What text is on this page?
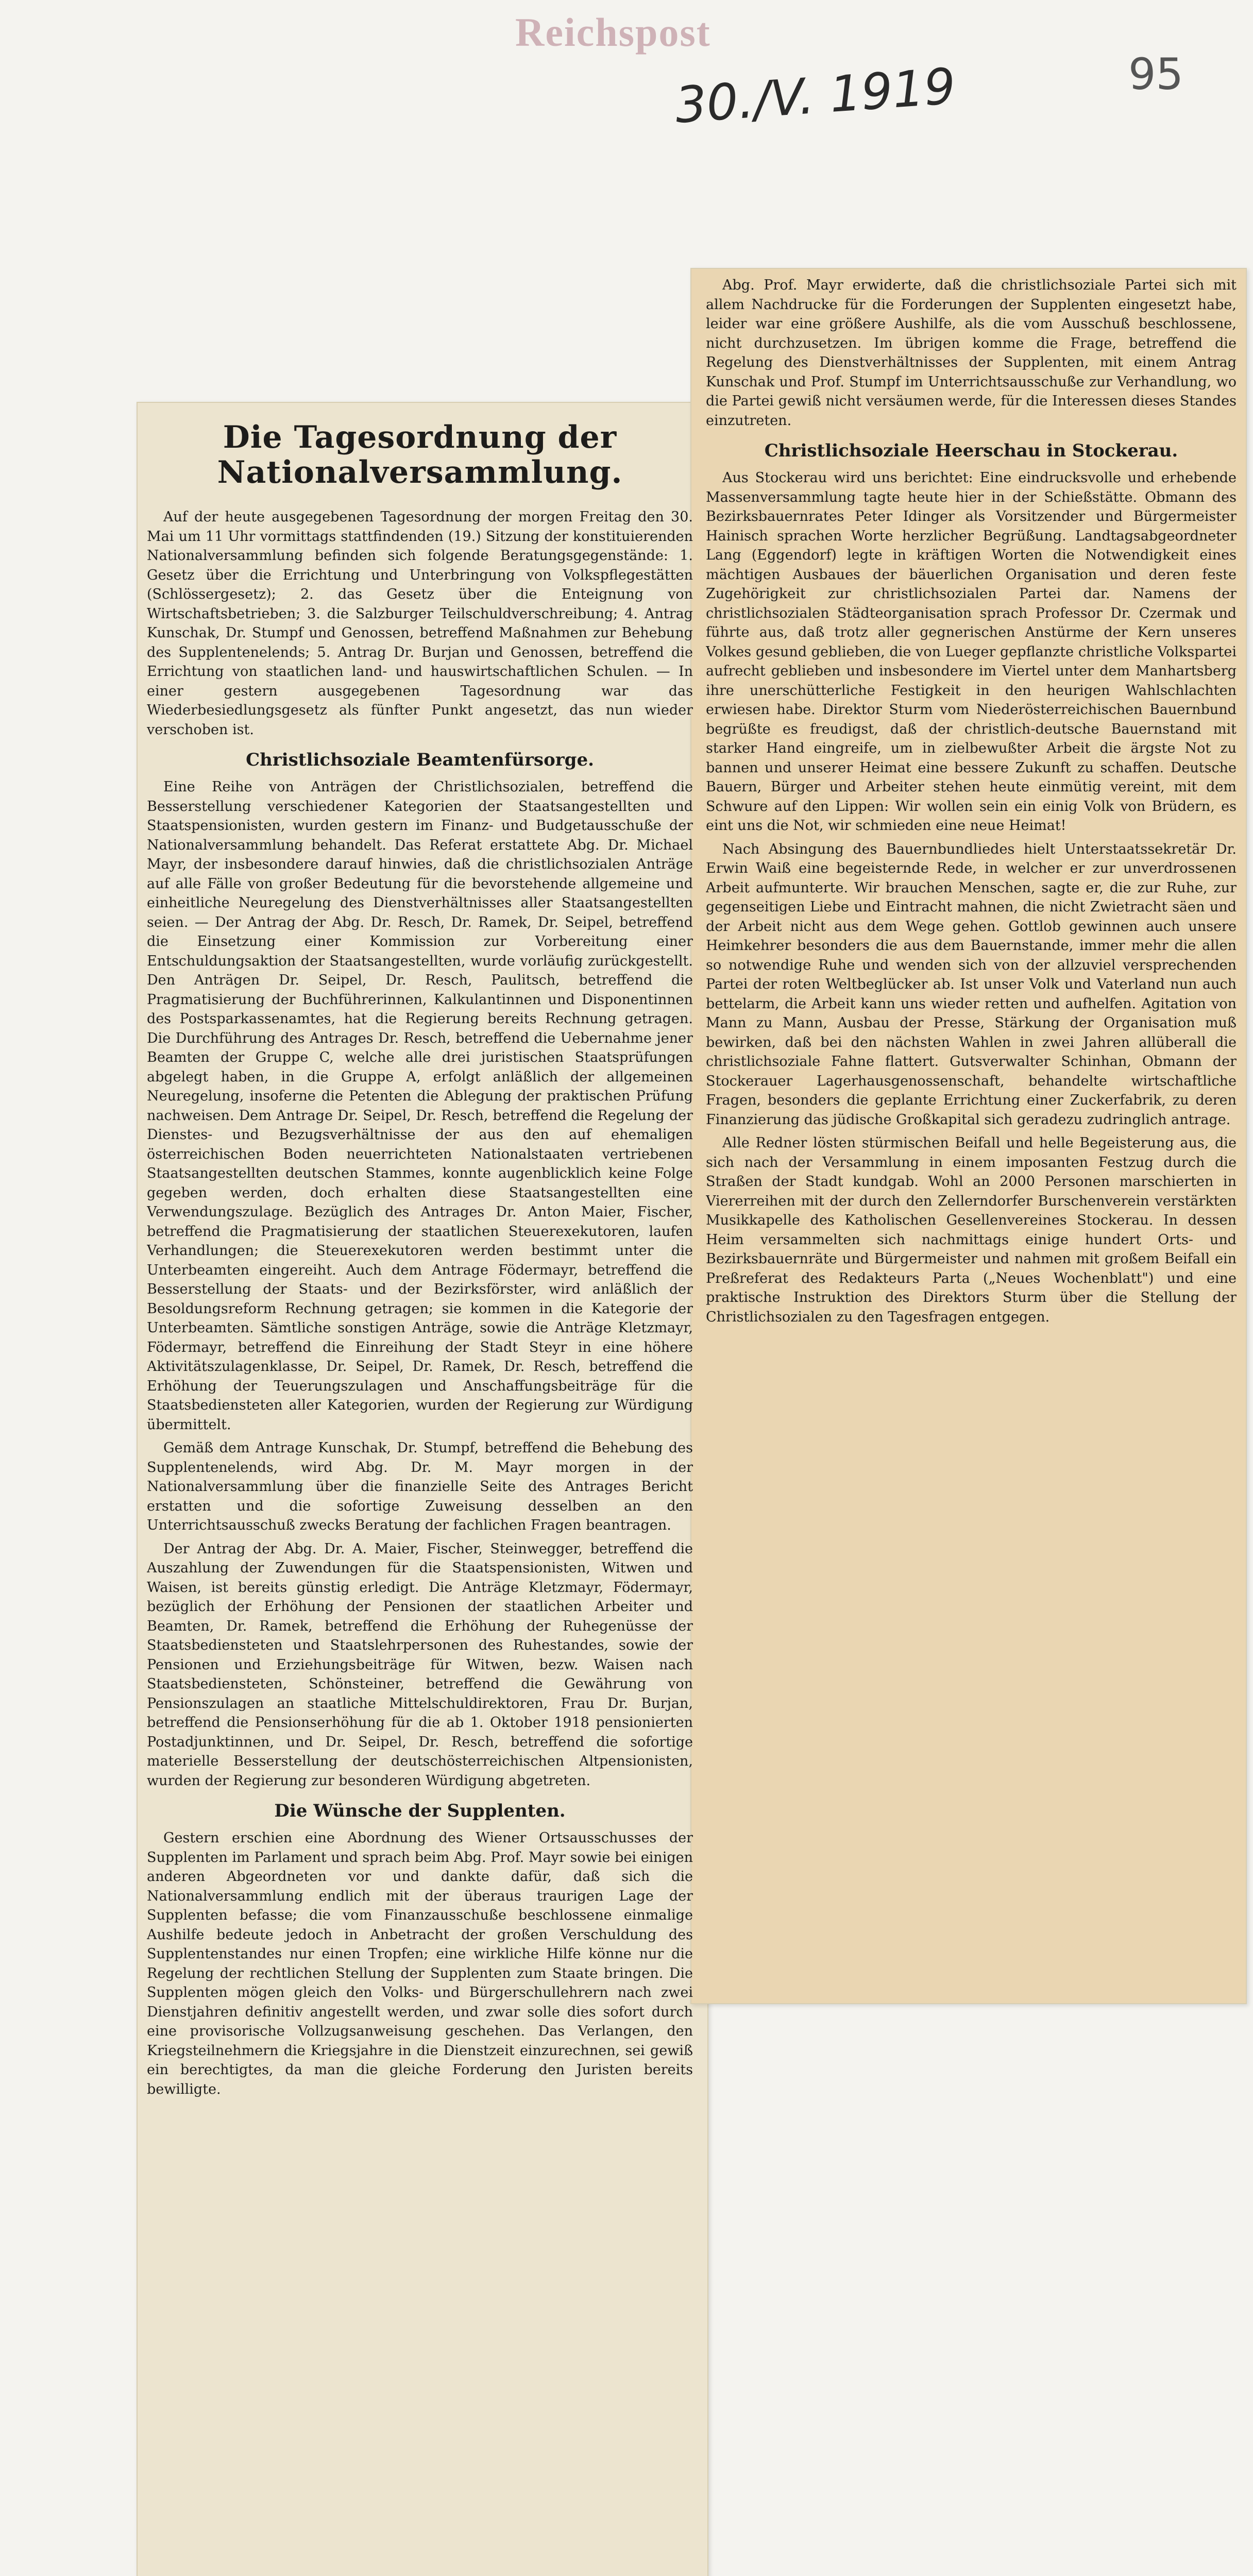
Reichspost
30./V. 1919	95
Die Tagesordnung der Nationalversammlung.

Auf der heute ausgegebenen Tagesordnung der morgen Freitag den 30. Mai um 11 Uhr vormittags stattfindenden (19.) Sitzung der konstituierenden Nationalversammlung befinden sich folgende Beratungsgegenstände: 1. Gesetz über die Errichtung und Unterbringung von Volkspflegestätten (Schlössergesetz); 2. das Gesetz über die Enteignung von Wirtschaftsbetrieben; 3. die Salzburger Teilschuldverschreibung; 4. Antrag Kunschak, Dr. Stumpf und Genossen, betreffend Maßnahmen zur Behebung des Supplentenelends; 5. Antrag Dr. Burjan und Genossen, betreffend die Errichtung von staatlichen land- und hauswirtschaftlichen Schulen. — In einer gestern ausgegebenen Tagesordnung war das Wiederbesiedlungsgesetz als fünfter Punkt angesetzt, das nun wieder verschoben ist.

Christlichsoziale Beamtenfürsorge.

Eine Reihe von Anträgen der Christlichsozialen, betreffend die Besserstellung verschiedener Kategorien der Staatsangestellten und Staatspensionisten, wurden gestern im Finanz- und Budgetausschuße der Nationalversammlung behandelt. Das Referat erstattete Abg. Dr. Michael Mayr, der insbesondere darauf hinwies, daß die christlichsozialen Anträge auf alle Fälle von großer Bedeutung für die bevorstehende allgemeine und einheitliche Neuregelung des Dienstverhältnisses aller Staatsangestellten seien. — Der Antrag der Abg. Dr. Resch, Dr. Ramek, Dr. Seipel, betreffend die Einsetzung einer Kommission zur Vorbereitung einer Entschuldungsaktion der Staatsangestellten, wurde vorläufig zurückgestellt. Den Anträgen Dr. Seipel, Dr. Resch, Paulitsch, betreffend die Pragmatisierung der Buchführerinnen, Kalkulantinnen und Disponentinnen des Postsparkassenamtes, hat die Regierung bereits Rechnung getragen. Die Durchführung des Antrages Dr. Resch, betreffend die Uebernahme jener Beamten der Gruppe C, welche alle drei juristischen Staatsprüfungen abgelegt haben, in die Gruppe A, erfolgt anläßlich der allgemeinen Neuregelung, insoferne die Petenten die Ablegung der praktischen Prüfung nachweisen. Dem Antrage Dr. Seipel, Dr. Resch, betreffend die Regelung der Dienstes- und Bezugsverhältnisse der aus den auf ehemaligen österreichischen Boden neuerrichteten Nationalstaaten vertriebenen Staatsangestellten deutschen Stammes, konnte augenblicklich keine Folge gegeben werden, doch erhalten diese Staatsangestellten eine Verwendungszulage. Bezüglich des Antrages Dr. Anton Maier, Fischer, betreffend die Pragmatisierung der staatlichen Steuerexekutoren, laufen Verhandlungen; die Steuerexekutoren werden bestimmt unter die Unterbeamten eingereiht. Auch dem Antrage Födermayr, betreffend die Besserstellung der Staats- und der Bezirksförster, wird anläßlich der Besoldungsreform Rechnung getragen; sie kommen in die Kategorie der Unterbeamten. Sämtliche sonstigen Anträge, sowie die Anträge Kletzmayr, Födermayr, betreffend die Einreihung der Stadt Steyr in eine höhere Aktivitätszulagenklasse, Dr. Seipel, Dr. Ramek, Dr. Resch, betreffend die Erhöhung der Teuerungszulagen und Anschaffungsbeiträge für die Staatsbediensteten aller Kategorien, wurden der Regierung zur Würdigung übermittelt.

Gemäß dem Antrage Kunschak, Dr. Stumpf, betreffend die Behebung des Supplentenelends, wird Abg. Dr. M. Mayr morgen in der Nationalversammlung über die finanzielle Seite des Antrages Bericht erstatten und die sofortige Zuweisung desselben an den Unterrichtsausschuß zwecks Beratung der fachlichen Fragen beantragen.

Der Antrag der Abg. Dr. A. Maier, Fischer, Steinwegger, betreffend die Auszahlung der Zuwendungen für die Staatspensionisten, Witwen und Waisen, ist bereits günstig erledigt. Die Anträge Kletzmayr, Födermayr, bezüglich der Erhöhung der Pensionen der staatlichen Arbeiter und Beamten, Dr. Ramek, betreffend die Erhöhung der Ruhegenüsse der Staatsbediensteten und Staatslehrpersonen des Ruhestandes, sowie der Pensionen und Erziehungsbeiträge für Witwen, bezw. Waisen nach Staatsbediensteten, Schönsteiner, betreffend die Gewährung von Pensionszulagen an staatliche Mittelschuldirektoren, Frau Dr. Burjan, betreffend die Pensionserhöhung für die ab 1. Oktober 1918 pensionierten Postadjunktinnen, und Dr. Seipel, Dr. Resch, betreffend die sofortige materielle Besserstellung der deutschösterreichischen Altpensionisten, wurden der Regierung zur besonderen Würdigung abgetreten.

Die Wünsche der Supplenten.

Gestern erschien eine Abordnung des Wiener Ortsausschusses der Supplenten im Parlament und sprach beim Abg. Prof. Mayr sowie bei einigen anderen Abgeordneten vor und dankte dafür, daß sich die Nationalversammlung endlich mit der überaus traurigen Lage der Supplenten befasse; die vom Finanzausschuße beschlossene einmalige Aushilfe bedeute jedoch in Anbetracht der großen Verschuldung des Supplentenstandes nur einen Tropfen; eine wirkliche Hilfe könne nur die Regelung der rechtlichen Stellung der Supplenten zum Staate bringen. Die Supplenten mögen gleich den Volks- und Bürgerschullehrern nach zwei Dienstjahren definitiv angestellt werden, und zwar solle dies sofort durch eine provisorische Vollzugsanweisung geschehen. Das Verlangen, den Kriegsteilnehmern die Kriegsjahre in die Dienstzeit einzurechnen, sei gewiß ein berechtigtes, da man die gleiche Forderung den Juristen bereits bewilligte.

Abg. Prof. Mayr erwiderte, daß die christlichsoziale Partei sich mit allem Nachdrucke für die Forderungen der Supplenten eingesetzt habe, leider war eine größere Aushilfe, als die vom Ausschuß beschlossene, nicht durchzusetzen. Im übrigen komme die Frage, betreffend die Regelung des Dienstverhältnisses der Supplenten, mit einem Antrag Kunschak und Prof. Stumpf im Unterrichtsausschuße zur Verhandlung, wo die Partei gewiß nicht versäumen werde, für die Interessen dieses Standes einzutreten.

Christlichsoziale Heerschau in Stockerau.

Aus Stockerau wird uns berichtet: Eine eindrucksvolle und erhebende Massenversammlung tagte heute hier in der Schießstätte. Obmann des Bezirksbauernrates Peter Idinger als Vorsitzender und Bürgermeister Hainisch sprachen Worte herzlicher Begrüßung. Landtagsabgeordneter Lang (Eggendorf) legte in kräftigen Worten die Notwendigkeit eines mächtigen Ausbaues der bäuerlichen Organisation und deren feste Zugehörigkeit zur christlichsozialen Partei dar. Namens der christlichsozialen Städteorganisation sprach Professor Dr. Czermak und führte aus, daß trotz aller gegnerischen Anstürme der Kern unseres Volkes gesund geblieben, die von Lueger gepflanzte christliche Volkspartei aufrecht geblieben und insbesondere im Viertel unter dem Manhartsberg ihre unerschütterliche Festigkeit in den heurigen Wahlschlachten erwiesen habe. Direktor Sturm vom Niederösterreichischen Bauernbund begrüßte es freudigst, daß der christlich-deutsche Bauernstand mit starker Hand eingreife, um in zielbewußter Arbeit die ärgste Not zu bannen und unserer Heimat eine bessere Zukunft zu schaffen. Deutsche Bauern, Bürger und Arbeiter stehen heute einmütig vereint, mit dem Schwure auf den Lippen: Wir wollen sein ein einig Volk von Brüdern, es eint uns die Not, wir schmieden eine neue Heimat!

Nach Absingung des Bauernbundliedes hielt Unterstaatssekretär Dr. Erwin Waiß eine begeisternde Rede, in welcher er zur unverdrossenen Arbeit aufmunterte. Wir brauchen Menschen, sagte er, die zur Ruhe, zur gegenseitigen Liebe und Eintracht mahnen, die nicht Zwietracht säen und der Arbeit nicht aus dem Wege gehen. Gottlob gewinnen auch unsere Heimkehrer besonders die aus dem Bauernstande, immer mehr die allen so notwendige Ruhe und wenden sich von der allzuviel versprechenden Partei der roten Weltbeglücker ab. Ist unser Volk und Vaterland nun auch bettelarm, die Arbeit kann uns wieder retten und aufhelfen. Agitation von Mann zu Mann, Ausbau der Presse, Stärkung der Organisation muß bewirken, daß bei den nächsten Wahlen in zwei Jahren allüberall die christlichsoziale Fahne flattert. Gutsverwalter Schinhan, Obmann der Stockerauer Lagerhausgenossenschaft, behandelte wirtschaftliche Fragen, besonders die geplante Errichtung einer Zuckerfabrik, zu deren Finanzierung das jüdische Großkapital sich geradezu zudringlich antrage.

Alle Redner lösten stürmischen Beifall und helle Begeisterung aus, die sich nach der Versammlung in einem imposanten Festzug durch die Straßen der Stadt kundgab. Wohl an 2000 Personen marschierten in Viererreihen mit der durch den Zellerndorfer Burschenverein verstärkten Musikkapelle des Katholischen Gesellenvereines Stockerau. In dessen Heim versammelten sich nachmittags einige hundert Orts- und Bezirksbauernräte und Bürgermeister und nahmen mit großem Beifall ein Preßreferat des Redakteurs Parta („Neues Wochenblatt") und eine praktische Instruktion des Direktors Sturm über die Stellung der Christlichsozialen zu den Tagesfragen entgegen.
